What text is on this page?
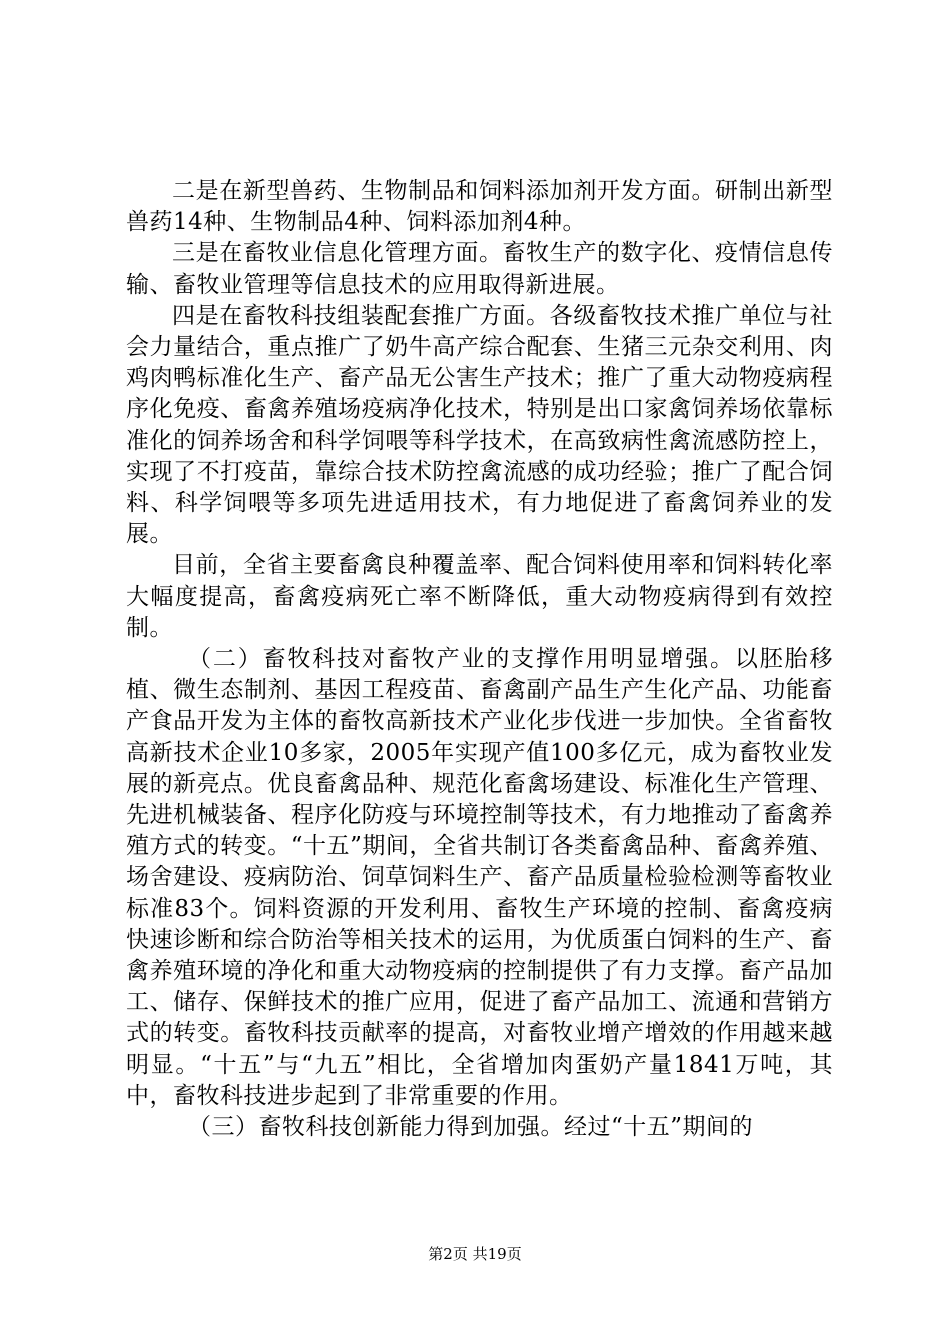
二是在新型兽药、生物制品和饲料添加剂开发方面。研制出新型兽药14种、生物制品4种、饲料添加剂4种。

三是在畜牧业信息化管理方面。畜牧生产的数字化、疫情信息传输、畜牧业管理等信息技术的应用取得新进展。

四是在畜牧科技组装配套推广方面。各级畜牧技术推广单位与社会力量结合，重点推广了奶牛高产综合配套、生猪三元杂交利用、肉鸡肉鸭标准化生产、畜产品无公害生产技术；推广了重大动物疫病程序化免疫、畜禽养殖场疫病净化技术，特别是出口家禽饲养场依靠标准化的饲养场舍和科学饲喂等科学技术，在高致病性禽流感防控上，实现了不打疫苗，靠综合技术防控禽流感的成功经验；推广了配合饲料、科学饲喂等多项先进适用技术，有力地促进了畜禽饲养业的发展。

目前，全省主要畜禽良种覆盖率、配合饲料使用率和饲料转化率大幅度提高，畜禽疫病死亡率不断降低，重大动物疫病得到有效控制。

（二）畜牧科技对畜牧产业的支撑作用明显增强。以胚胎移植、微生态制剂、基因工程疫苗、畜禽副产品生产生化产品、功能畜产食品开发为主体的畜牧高新技术产业化步伐进一步加快。全省畜牧高新技术企业10多家，2005年实现产值100多亿元，成为畜牧业发展的新亮点。优良畜禽品种、规范化畜禽场建设、标准化生产管理、先进机械装备、程序化防疫与环境控制等技术，有力地推动了畜禽养殖方式的转变。“十五”期间，全省共制订各类畜禽品种、畜禽养殖、场舍建设、疫病防治、饲草饲料生产、畜产品质量检验检测等畜牧业标准83个。饲料资源的开发利用、畜牧生产环境的控制、畜禽疫病快速诊断和综合防治等相关技术的运用，为优质蛋白饲料的生产、畜禽养殖环境的净化和重大动物疫病的控制提供了有力支撑。畜产品加工、储存、保鲜技术的推广应用，促进了畜产品加工、流通和营销方式的转变。畜牧科技贡献率的提高，对畜牧业增产增效的作用越来越明显。“十五”与“九五”相比，全省增加肉蛋奶产量1841万吨，其中，畜牧科技进步起到了非常重要的作用。

（三）畜牧科技创新能力得到加强。经过“十五”期间的

第2页 共19页
